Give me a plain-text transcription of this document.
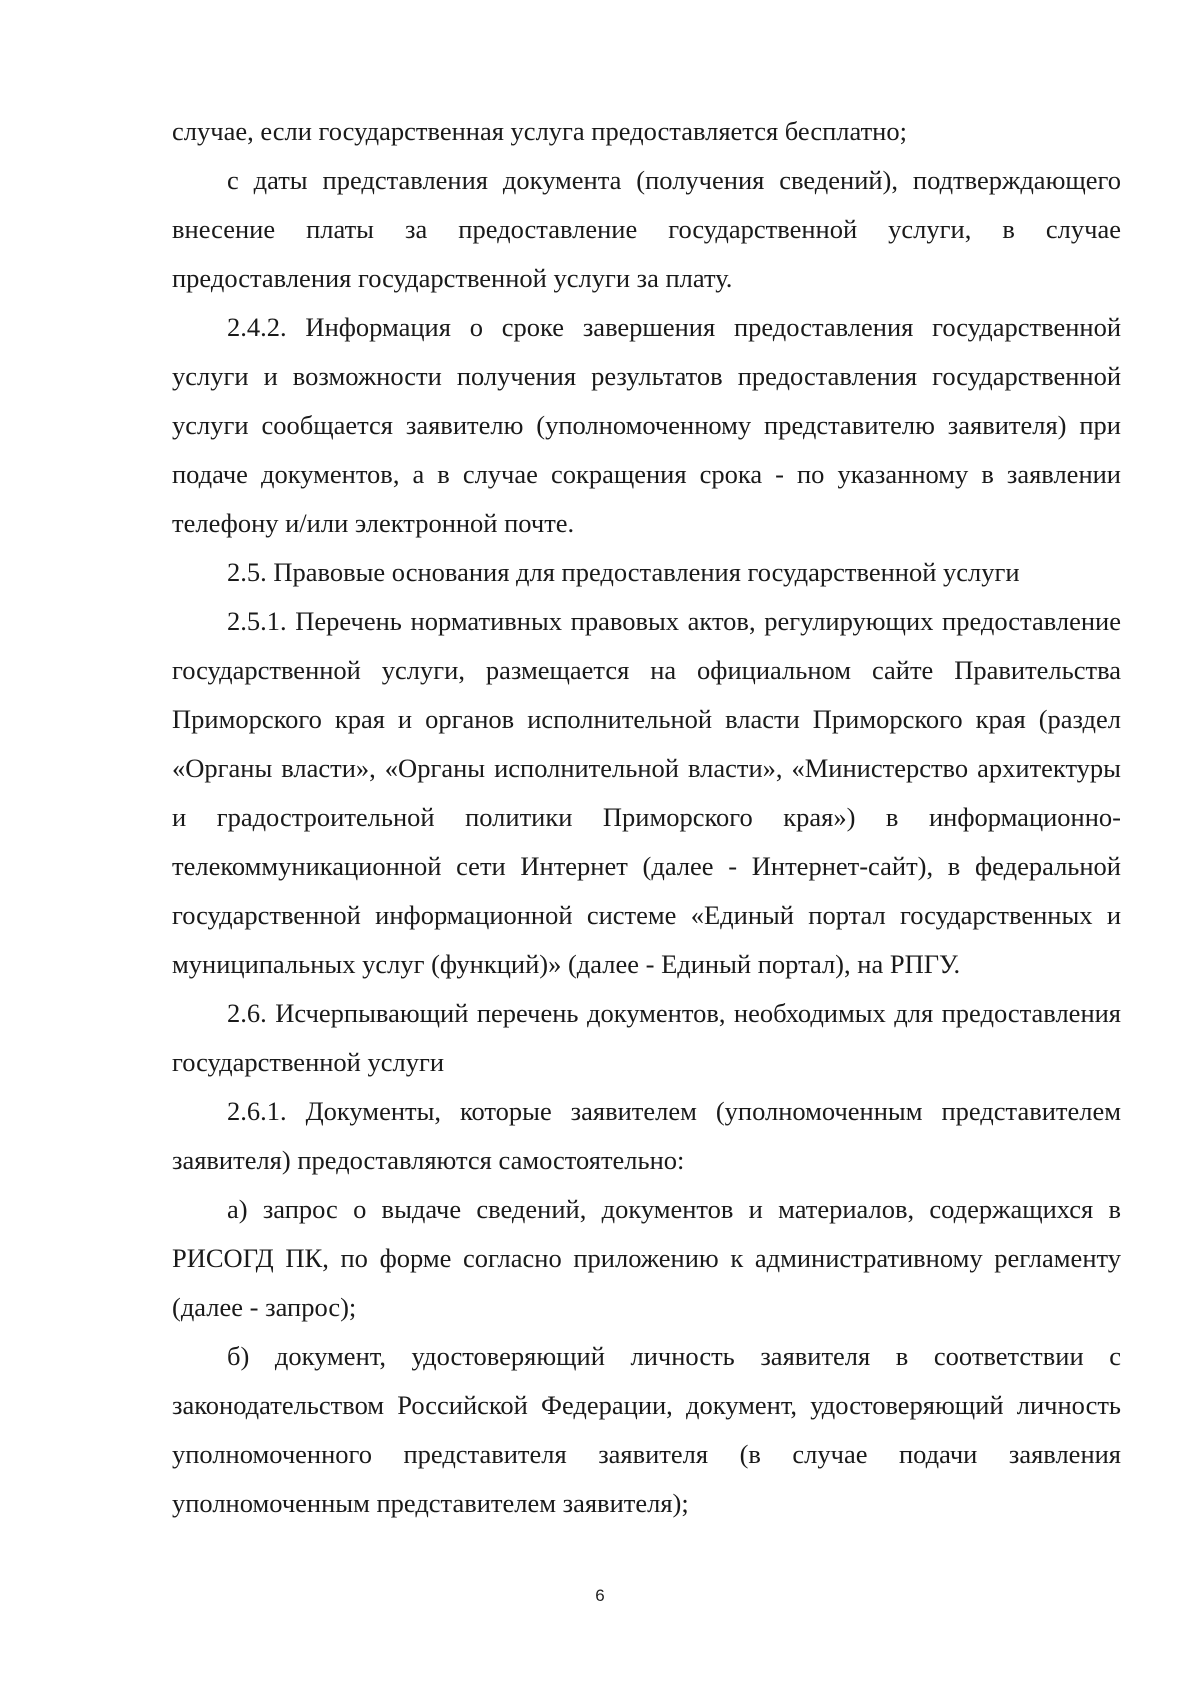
случае, если государственная услуга предоставляется бесплатно;

с даты представления документа (получения сведений), подтверждающего внесение платы за предоставление государственной услуги, в случае предоставления государственной услуги за плату.

2.4.2. Информация о сроке завершения предоставления государственной услуги и возможности получения результатов предоставления государственной услуги сообщается заявителю (уполномоченному представителю заявителя) при подаче документов, а в случае сокращения срока - по указанному в заявлении телефону и/или электронной почте.

2.5. Правовые основания для предоставления государственной услуги

2.5.1. Перечень нормативных правовых актов, регулирующих предоставление государственной услуги, размещается на официальном сайте Правительства Приморского края и органов исполнительной власти Приморского края (раздел «Органы власти», «Органы исполнительной власти», «Министерство архитектуры и градостроительной политики Приморского края») в информационно-телекоммуникационной сети Интернет (далее - Интернет-сайт), в федеральной государственной информационной системе «Единый портал государственных и муниципальных услуг (функций)» (далее - Единый портал), на РПГУ.

2.6. Исчерпывающий перечень документов, необходимых для предоставления государственной услуги

2.6.1. Документы, которые заявителем (уполномоченным представителем заявителя) предоставляются самостоятельно:

а) запрос о выдаче сведений, документов и материалов, содержащихся в РИСОГД ПК, по форме согласно приложению к административному регламенту (далее - запрос);

б) документ, удостоверяющий личность заявителя в соответствии с законодательством Российской Федерации, документ, удостоверяющий личность уполномоченного представителя заявителя (в случае подачи заявления уполномоченным представителем заявителя);

6
